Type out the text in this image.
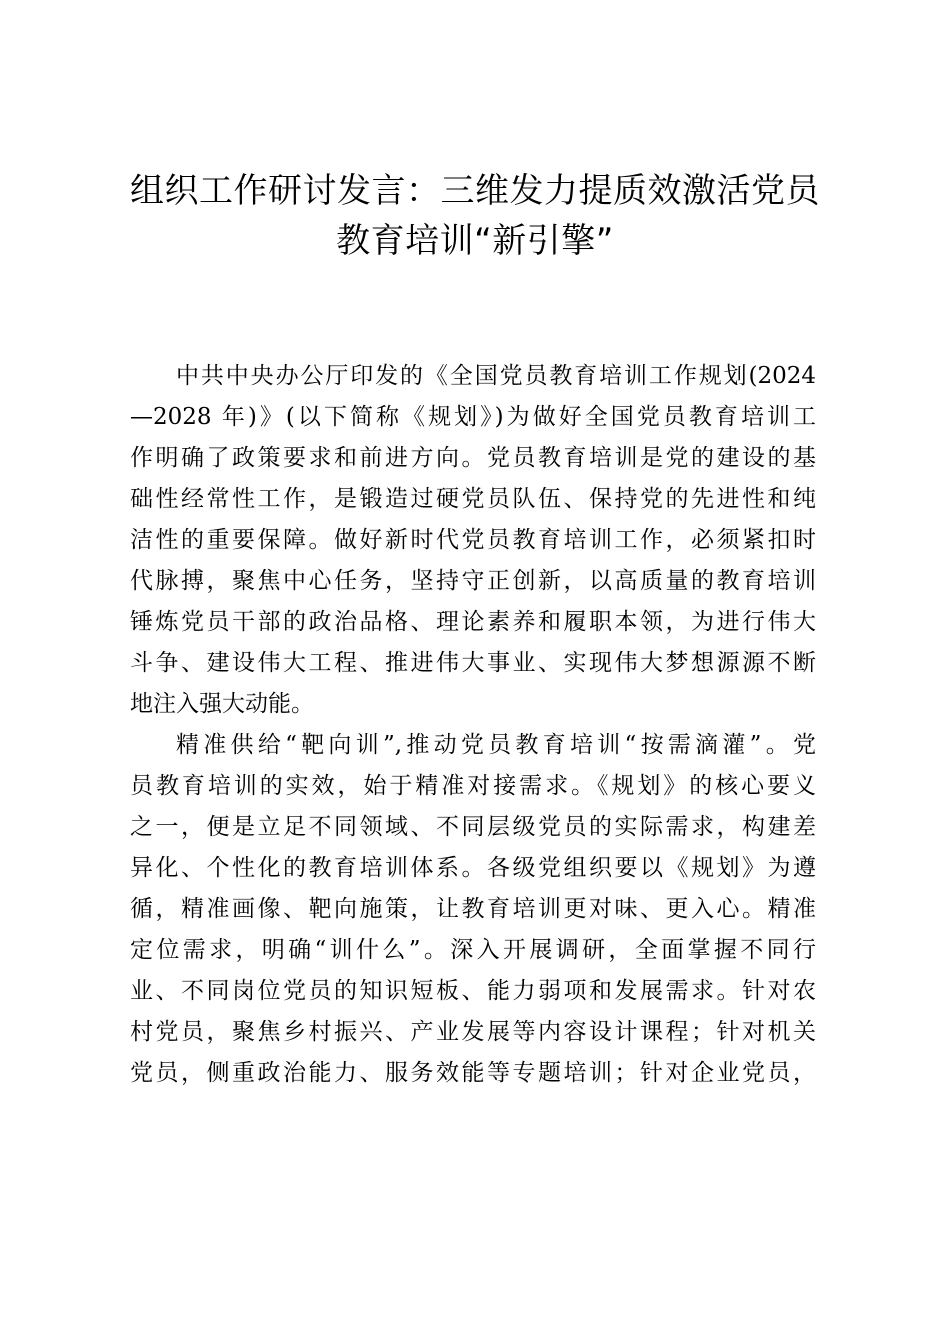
组织工作研讨发言：三维发力提质效激活党员
教育培训“新引擎”
中共中央办公厅印发的《全国党员教育培训工作规划(2024
—2028 年)》(以下简称《规划》)为做好全国党员教育培训工
作明确了政策要求和前进方向。党员教育培训是党的建设的基
础性经常性工作，是锻造过硬党员队伍、保持党的先进性和纯
洁性的重要保障。做好新时代党员教育培训工作，必须紧扣时
代脉搏，聚焦中心任务，坚持守正创新，以高质量的教育培训
锤炼党员干部的政治品格、理论素养和履职本领，为进行伟大
斗争、建设伟大工程、推进伟大事业、实现伟大梦想源源不断
地注入强大动能。
精准供给“靶向训”,推动党员教育培训“按需滴灌”。党
员教育培训的实效，始于精准对接需求。《规划》的核心要义
之一，便是立足不同领域、不同层级党员的实际需求，构建差
异化、个性化的教育培训体系。各级党组织要以《规划》为遵
循，精准画像、靶向施策，让教育培训更对味、更入心。精准
定位需求，明确“训什么”。深入开展调研，全面掌握不同行
业、不同岗位党员的知识短板、能力弱项和发展需求。针对农
村党员，聚焦乡村振兴、产业发展等内容设计课程；针对机关
党员，侧重政治能力、服务效能等专题培训；针对企业党员，
